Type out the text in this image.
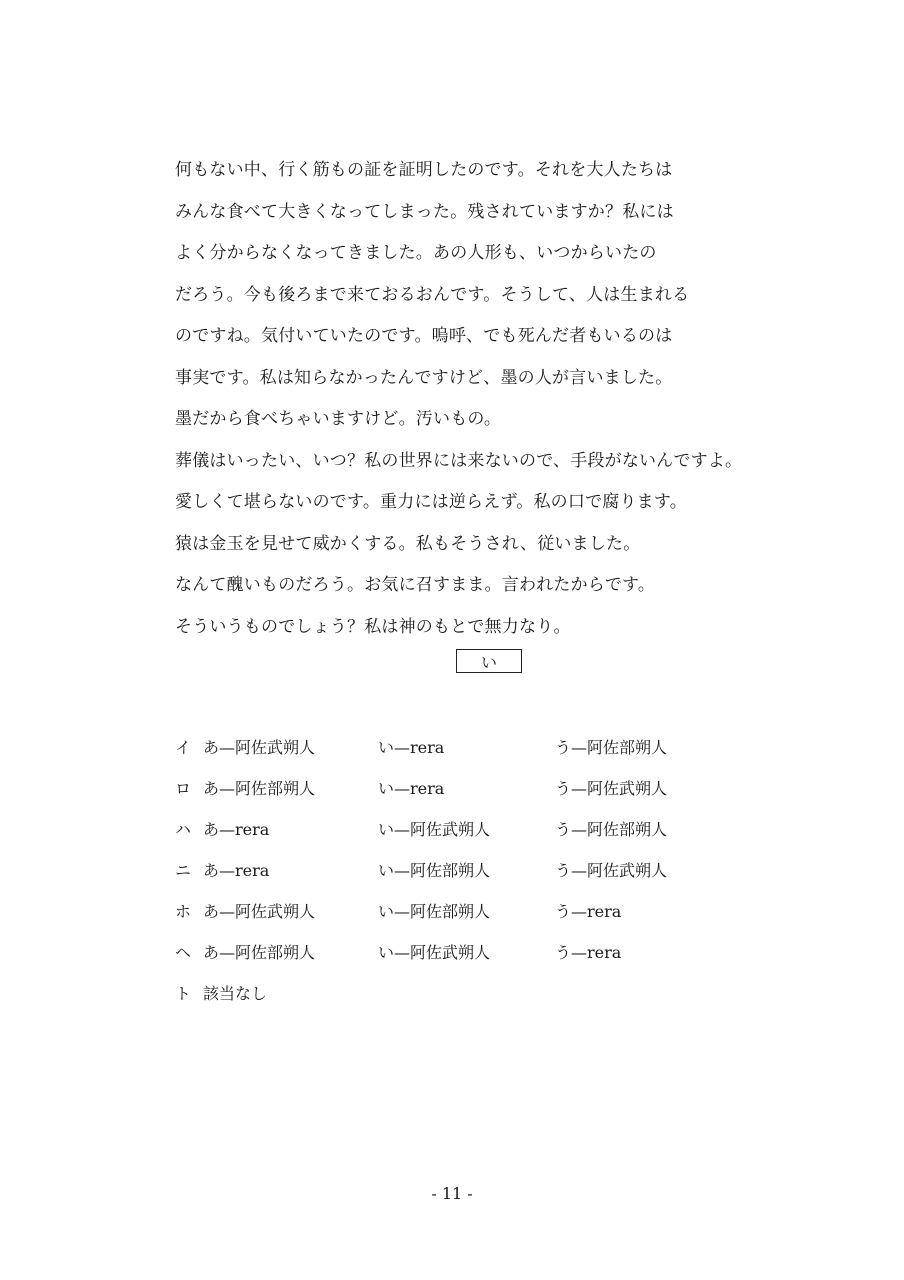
何もない中、行く筋もの証を証明したのです。それを大人たちは
みんな食べて大きくなってしまった。残されていますか？私には
よく分からなくなってきました。あの人形も、いつからいたの
だろう。今も後ろまで来ておるおんです。そうして、人は生まれる
のですね。気付いていたのです。嗚呼、でも死んだ者もいるのは
事実です。私は知らなかったんですけど、墨の人が言いました。
墨だから食べちゃいますけど。汚いもの。
葬儀はいったい、いつ？私の世界には来ないので、手段がないんですよ。
愛しくて堪らないのです。重力には逆らえず。私の口で腐ります。
猿は金玉を見せて威かくする。私もそうされ、従いました。
なんて醜いものだろう。お気に召すまま。言われたからです。
そういうものでしょう？私は神のもとで無力なり。
い
イ あ—阿佐武朔人	い—rera	う—阿佐部朔人
ロ あ—阿佐部朔人	い—rera	う—阿佐武朔人
ハ あ—rera	い—阿佐武朔人	う—阿佐部朔人
ニ あ—rera	い—阿佐部朔人	う—阿佐武朔人
ホ あ—阿佐武朔人	い—阿佐部朔人	う—rera
ヘ あ—阿佐部朔人	い—阿佐武朔人	う—rera
ト 該当なし
- 11 -
